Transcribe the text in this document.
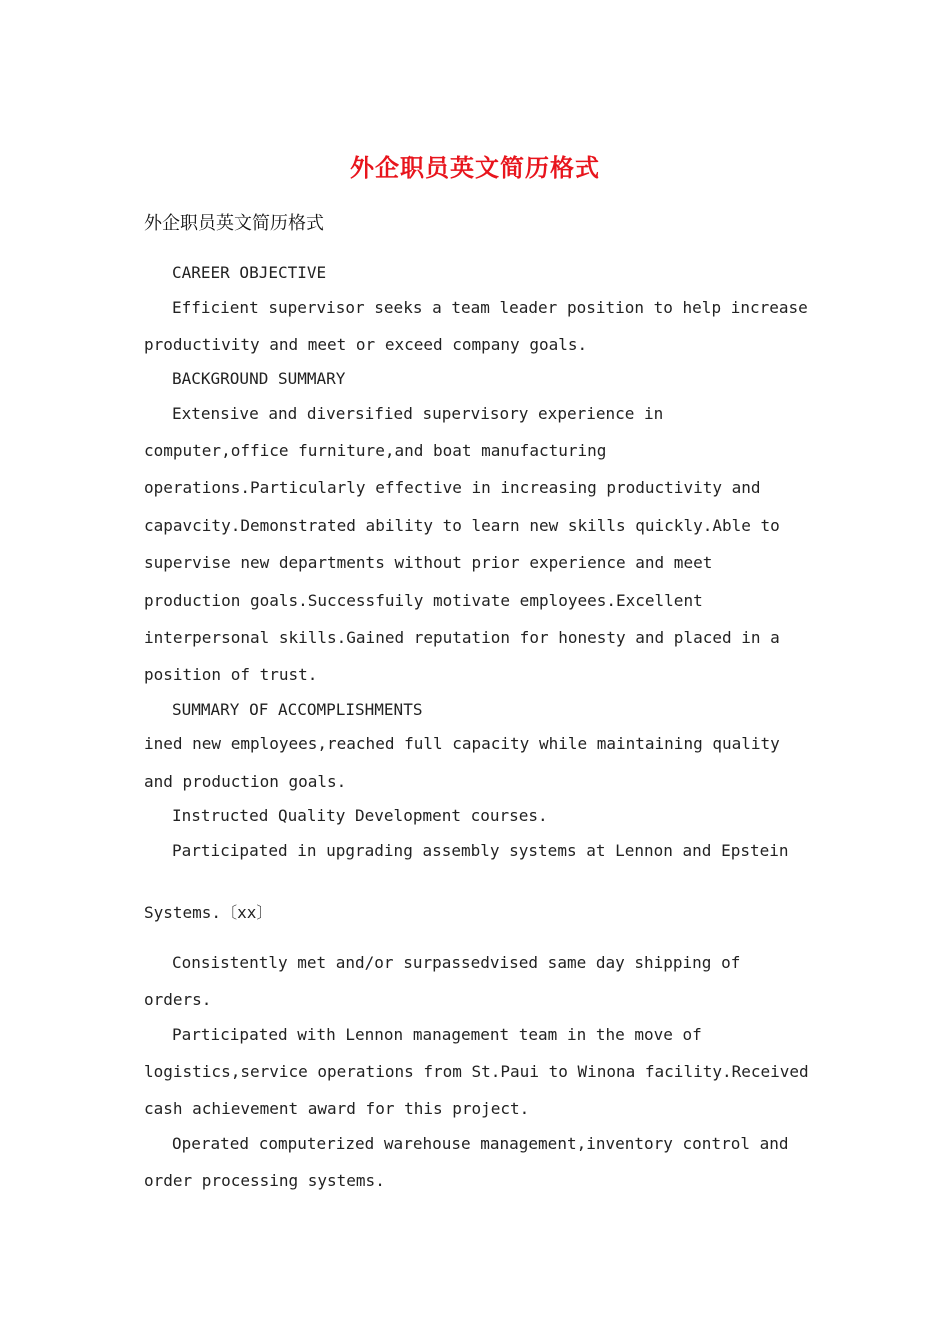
外企职员英文简历格式
外企职员英文简历格式
CAREER OBJECTIVE
Efficient supervisor seeks a team leader position to help increase
productivity and meet or exceed company goals.
BACKGROUND SUMMARY
Extensive and diversified supervisory experience in
computer,office furniture,and boat manufacturing
operations.Particularly effective in increasing productivity and
capavcity.Demonstrated ability to learn new skills quickly.Able to
supervise new departments without prior experience and meet
production goals.Successfuily motivate employees.Excellent
interpersonal skills.Gained reputation for honesty and placed in a
position of trust.
SUMMARY OF ACCOMPLISHMENTS
ined new employees,reached full capacity while maintaining quality
and production goals.
Instructed Quality Development courses.
Participated in upgrading assembly systems at Lennon and Epstein
Systems.〔xx〕
Consistently met and/or surpassedvised same day shipping of
orders.
Participated with Lennon management team in the move of
logistics,service operations from St.Paui to Winona facility.Received
cash achievement award for this project.
Operated computerized warehouse management,inventory control and
order processing systems.
